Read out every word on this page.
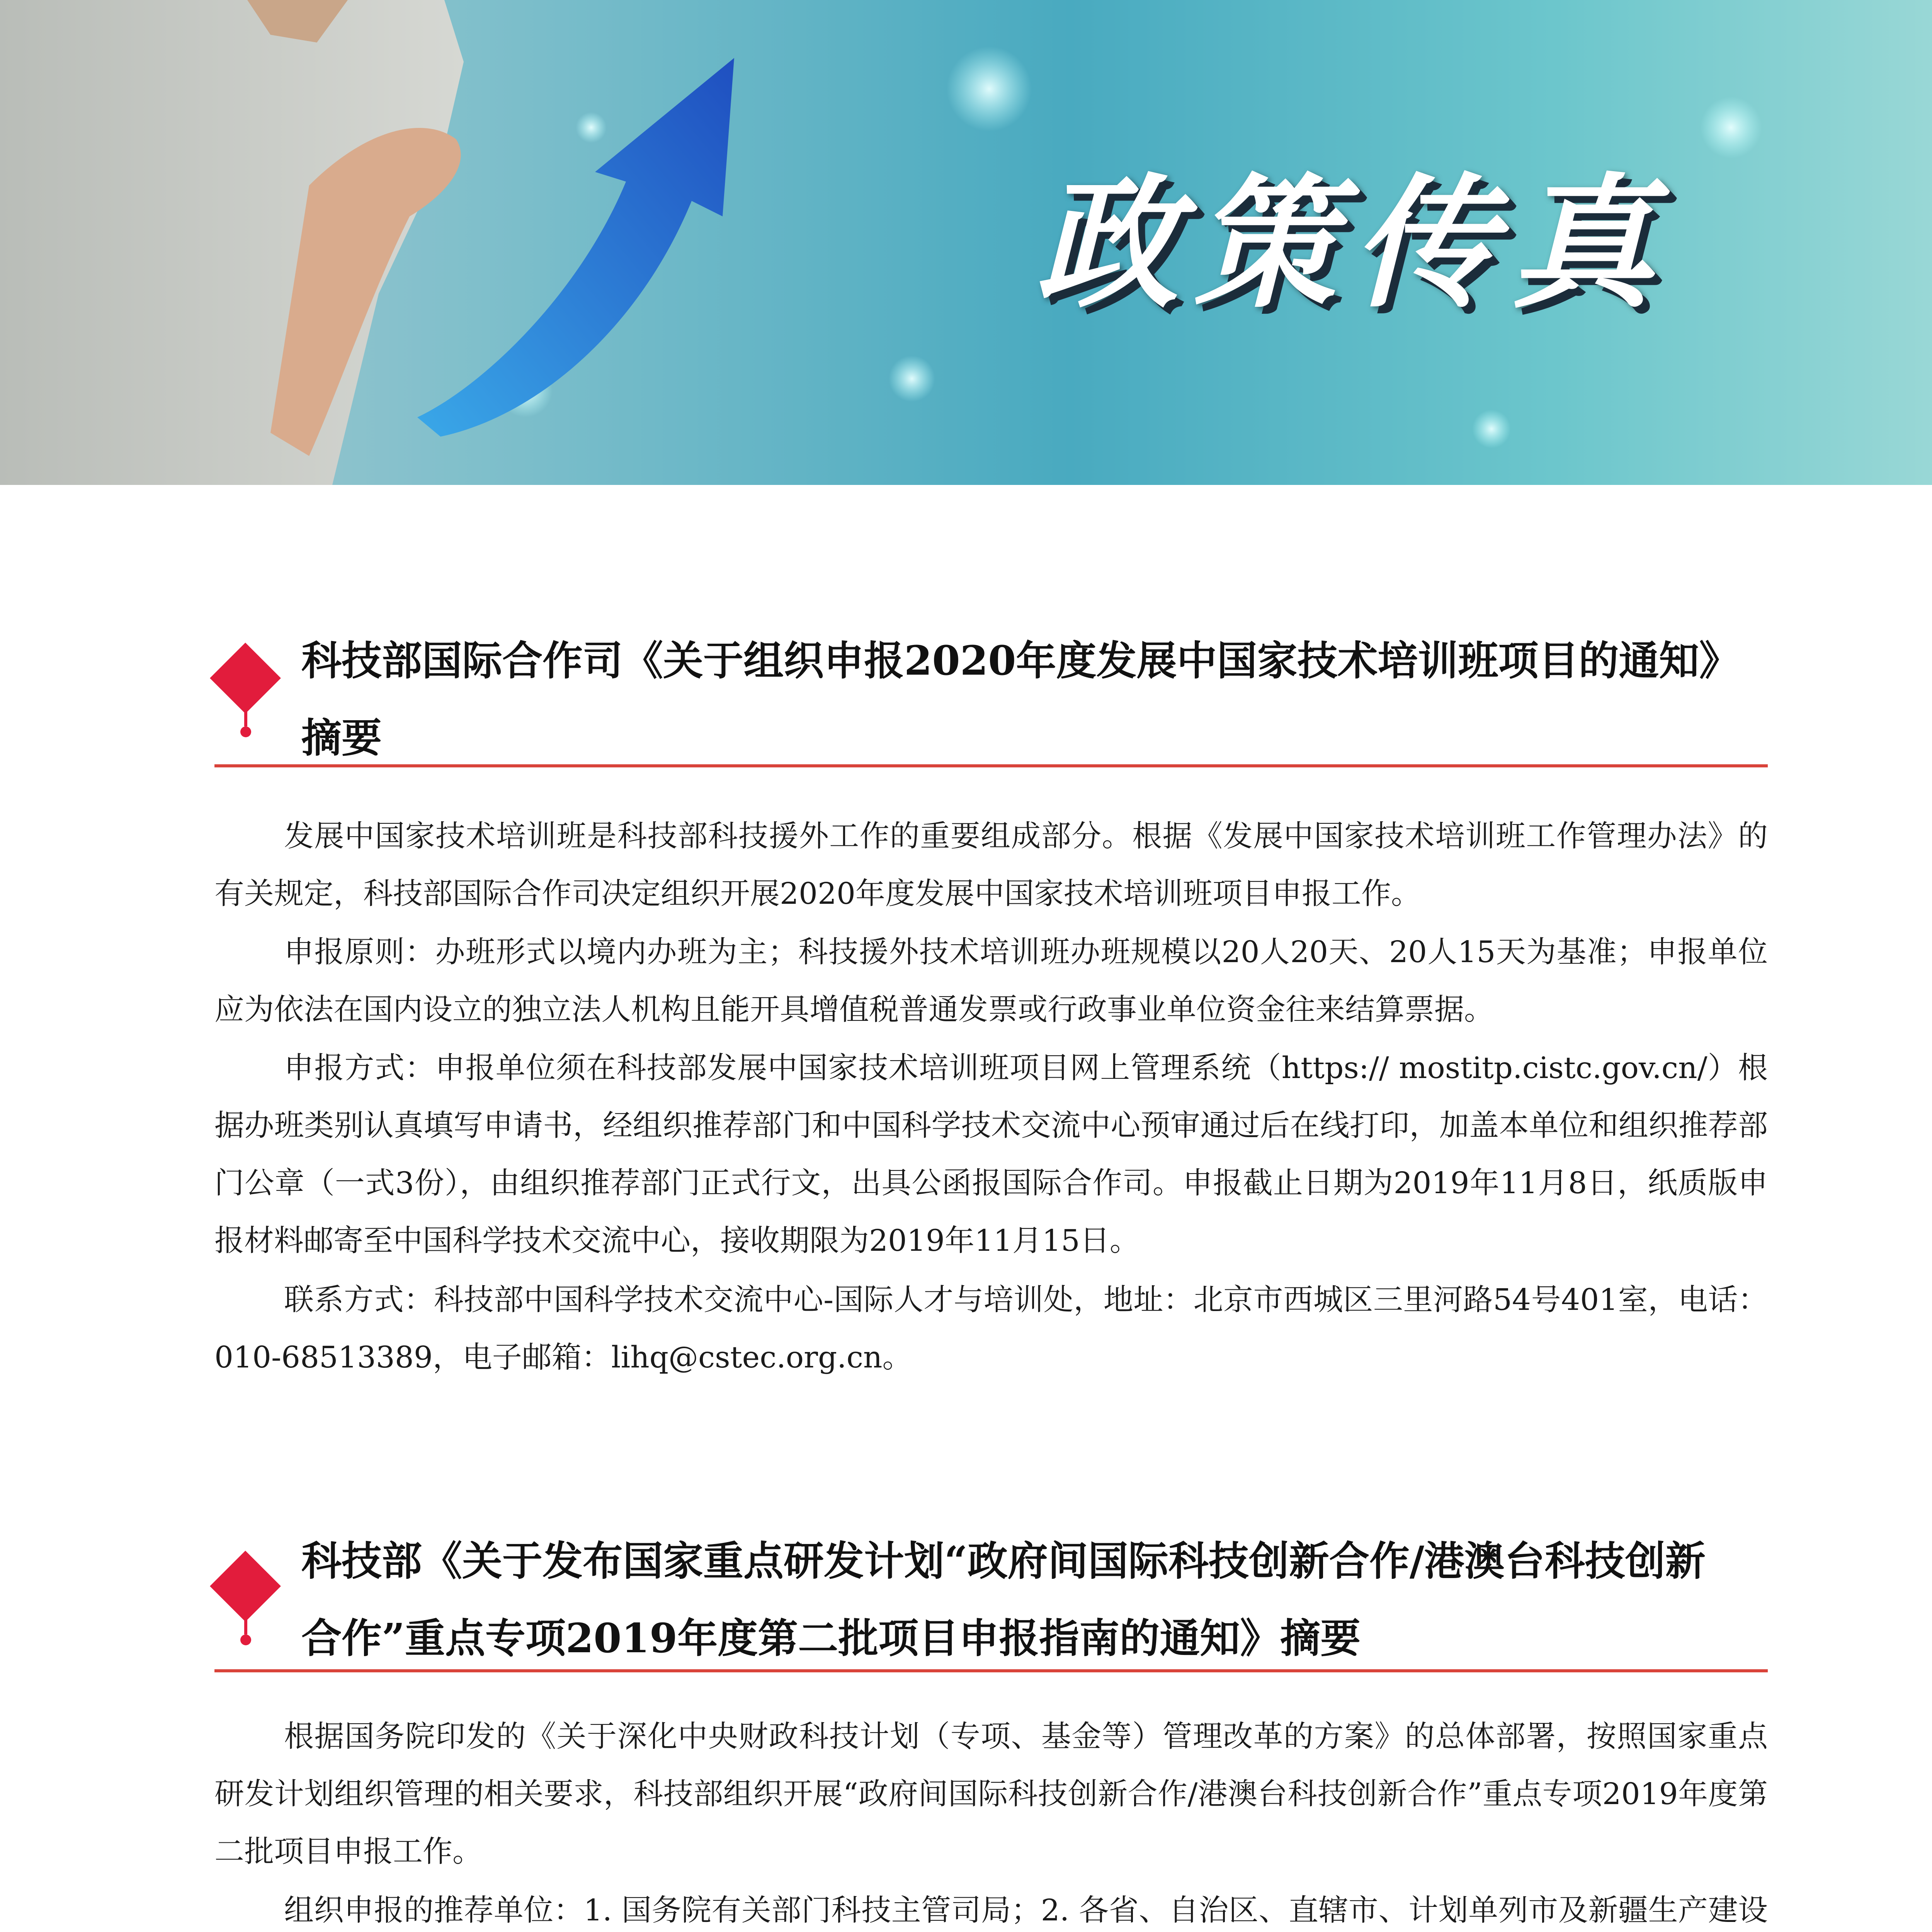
政策传真
科技部国际合作司《关于组织申报2020年度发展中国家技术培训班项目的通知》
摘要

发展中国家技术培训班是科技部科技援外工作的重要组成部分。根据《发展中国家技术培训班工作管理办法》的有关规定，科技部国际合作司决定组织开展2020年度发展中国家技术培训班项目申报工作。

申报原则：办班形式以境内办班为主；科技援外技术培训班办班规模以20人20天、20人15天为基准；申报单位应为依法在国内设立的独立法人机构且能开具增值税普通发票或行政事业单位资金往来结算票据。

申报方式：申报单位须在科技部发展中国家技术培训班项目网上管理系统（https:// mostitp.cistc.gov.cn/）根据办班类别认真填写申请书，经组织推荐部门和中国科学技术交流中心预审通过后在线打印，加盖本单位和组织推荐部门公章（一式3份），由组织推荐部门正式行文，出具公函报国际合作司。申报截止日期为2019年11月8日，纸质版申报材料邮寄至中国科学技术交流中心，接收期限为2019年11月15日。

联系方式：科技部中国科学技术交流中心-国际人才与培训处，地址：北京市西城区三里河路54号401室，电话：010-68513389，电子邮箱：lihq@cstec.org.cn。

科技部《关于发布国家重点研发计划“政府间国际科技创新合作/港澳台科技创新
合作”重点专项2019年度第二批项目申报指南的通知》摘要

根据国务院印发的《关于深化中央财政科技计划（专项、基金等）管理改革的方案》的总体部署，按照国家重点研发计划组织管理的相关要求，科技部组织开展“政府间国际科技创新合作/港澳台科技创新合作”重点专项2019年度第二批项目申报工作。

组织申报的推荐单位：1. 国务院有关部门科技主管司局；2. 各省、自治区、直辖市、计划单列市及新疆生产建设
